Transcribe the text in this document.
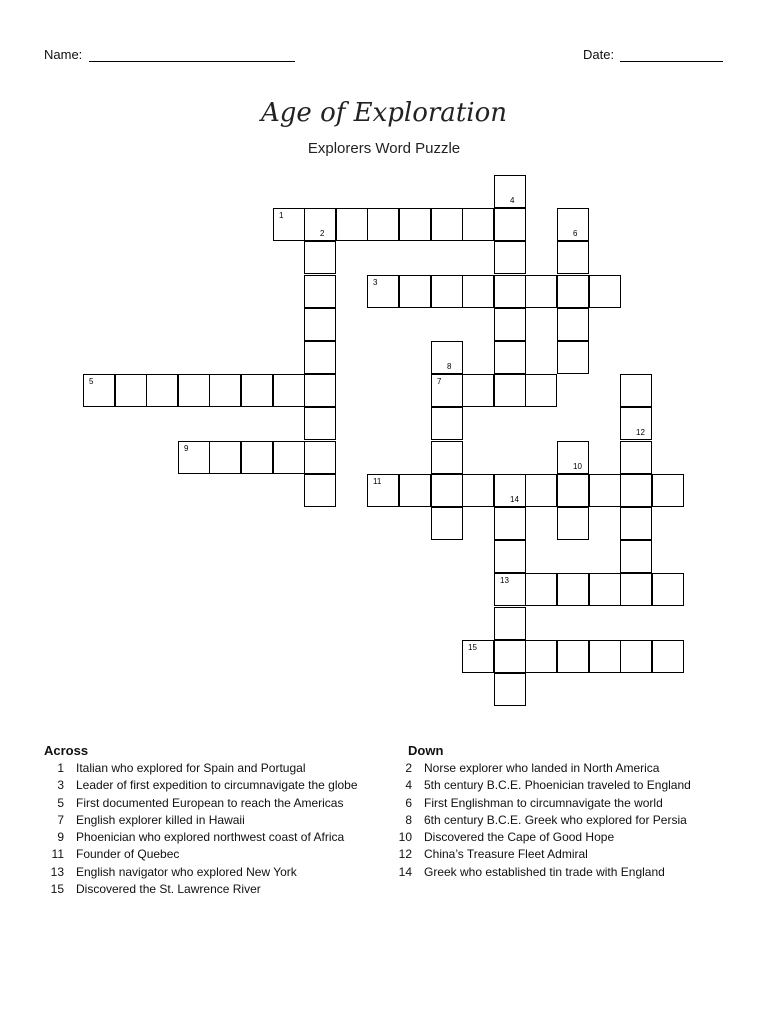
Name:	Date:
Age of Exploration
Explorers Word Puzzle
1
2
3
4
5
6
7
8
9
10
11
12
13
14
15
Across
1 Italian who explored for Spain and Portugal
3 Leader of first expedition to circumnavigate the globe
5 First documented European to reach the Americas
7 English explorer killed in Hawaii
9 Phoenician who explored northwest coast of Africa
11 Founder of Quebec
13 English navigator who explored New York
15 Discovered the St. Lawrence River
Down
2 Norse explorer who landed in North America
4 5th century B.C.E. Phoenician traveled to England
6 First Englishman to circumnavigate the world
8 6th century B.C.E. Greek who explored for Persia
10 Discovered the Cape of Good Hope
12 China’s Treasure Fleet Admiral
14 Greek who established tin trade with England
